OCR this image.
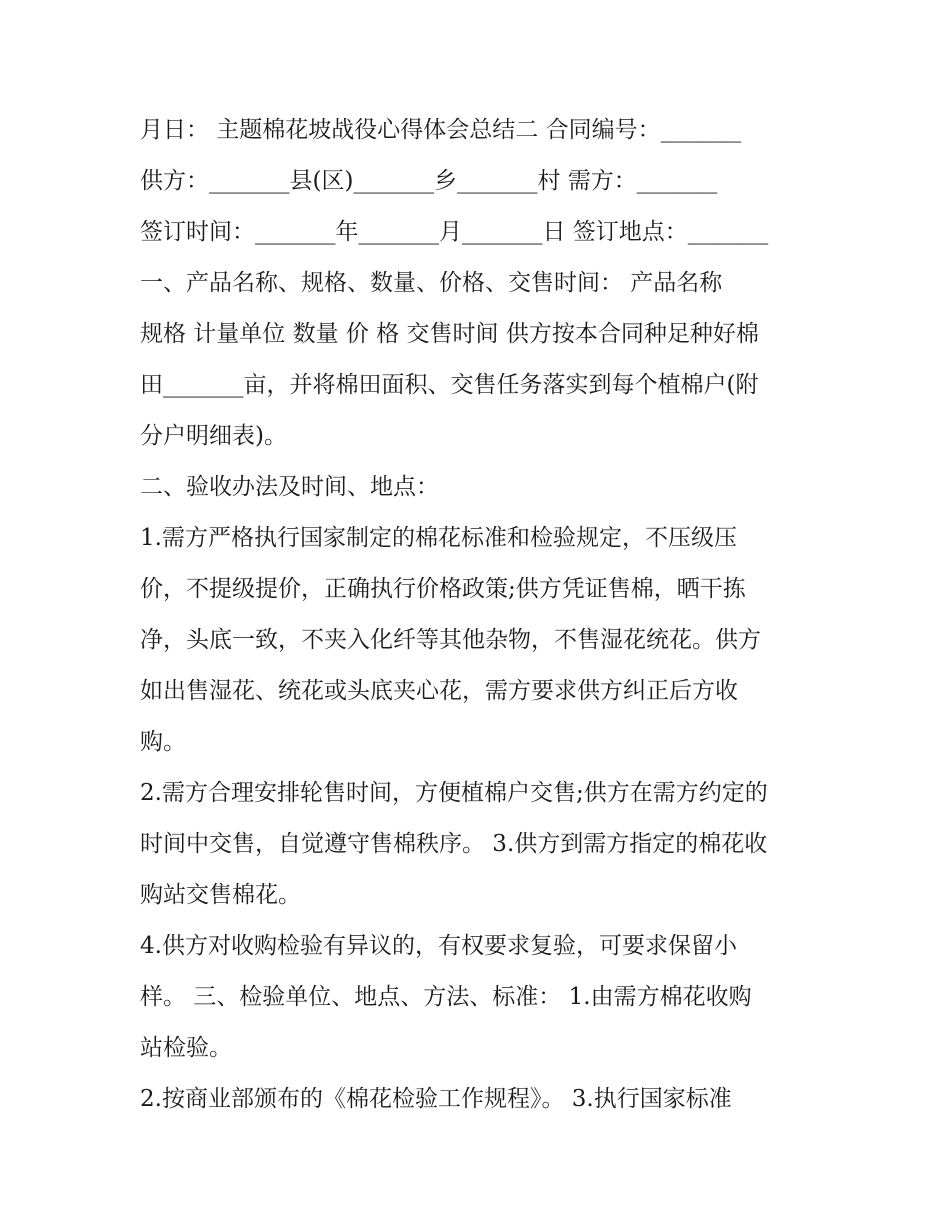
月日： 主题棉花坡战役心得体会总结二 合同编号：_______
供方：_______县(区)_______乡_______村 需方：_______
签订时间：_______年_______月_______日 签订地点：_______
一、产品名称、规格、数量、价格、交售时间： 产品名称
规格 计量单位 数量 价 格 交售时间 供方按本合同种足种好棉
田_______亩，并将棉田面积、交售任务落实到每个植棉户(附
分户明细表)。
二、验收办法及时间、地点：
1.需方严格执行国家制定的棉花标准和检验规定，不压级压
价，不提级提价，正确执行价格政策;供方凭证售棉，晒干拣
净，头底一致，不夹入化纤等其他杂物，不售湿花统花。供方
如出售湿花、统花或头底夹心花，需方要求供方纠正后方收
购。
2.需方合理安排轮售时间，方便植棉户交售;供方在需方约定的
时间中交售，自觉遵守售棉秩序。 3.供方到需方指定的棉花收
购站交售棉花。
4.供方对收购检验有异议的，有权要求复验，可要求保留小
样。 三、检验单位、地点、方法、标准： 1.由需方棉花收购
站检验。
2.按商业部颁布的《棉花检验工作规程》。 3.执行国家标准
